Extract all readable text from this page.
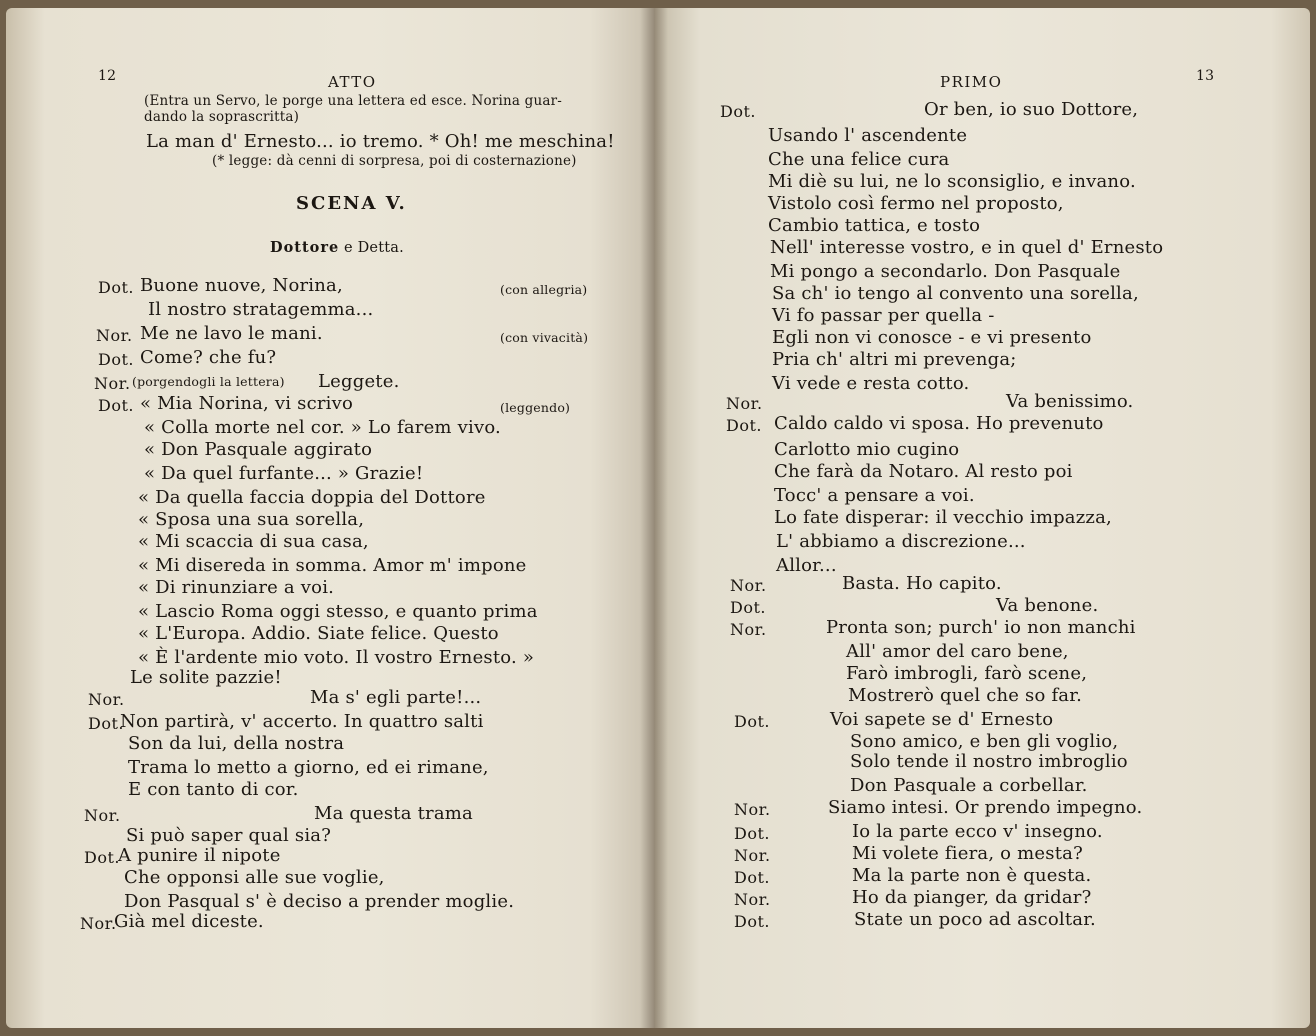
12	ATTO
(Entra un Servo, le porge una lettera ed esce. Norina guar-
dando la soprascritta)
La man d' Ernesto... io tremo. * Oh! me meschina!
(* legge: dà cenni di sorpresa, poi di costernazione)
SCENA V.
Dottore e Detta.
Dot. Buone nuove, Norina,	(con allegria)
Il nostro stratagemma...
Nor. Me ne lavo le mani.	(con vivacità)
Dot. Come? che fu?
Nor. (porgendogli la lettera) Leggete.
Dot. « Mia Norina, vi scrivo	(leggendo)
« Colla morte nel cor. » Lo farem vivo.
« Don Pasquale aggirato
« Da quel furfante... » Grazie!
« Da quella faccia doppia del Dottore
« Sposa una sua sorella,
« Mi scaccia di sua casa,
« Mi disereda in somma. Amor m' impone
« Di rinunziare a voi.
« Lascio Roma oggi stesso, e quanto prima
« L'Europa. Addio. Siate felice. Questo
« È l'ardente mio voto. Il vostro Ernesto. »
Le solite pazzie!
Nor.	Ma s' egli parte!...
Dot.
Non partirà, v' accerto. In quattro salti
Son da lui, della nostra
Trama lo metto a giorno, ed ei rimane,
E con tanto di cor.
Nor.	Ma questa trama
Si può saper qual sia?
Dot.
A punire il nipote
Che opponsi alle sue voglie,
Don Pasqual s' è deciso a prender moglie.
Nor.
Già mel diceste.
PRIMO	13
Dot.	Or ben, io suo Dottore,
Usando l' ascendente
Che una felice cura
Mi diè su lui, ne lo sconsiglio, e invano.
Vistolo così fermo nel proposto,
Cambio tattica, e tosto
Nell' interesse vostro, e in quel d' Ernesto
Mi pongo a secondarlo. Don Pasquale
Sa ch' io tengo al convento una sorella,
Vi fo passar per quella -
Egli non vi conosce - e vi presento
Pria ch' altri mi prevenga;
Vi vede e resta cotto.
Nor.	Va benissimo.
Dot. Caldo caldo vi sposa. Ho prevenuto
Carlotto mio cugino
Che farà da Notaro. Al resto poi
Tocc' a pensare a voi.
Lo fate disperar: il vecchio impazza,
L' abbiamo a discrezione...
Allor...
Nor.	Basta. Ho capito.
Dot.	Va benone.
Nor.	Pronta son; purch' io non manchi
All' amor del caro bene,
Farò imbrogli, farò scene,
Mostrerò quel che so far.
Dot.	Voi sapete se d' Ernesto
Sono amico, e ben gli voglio,
Solo tende il nostro imbroglio
Don Pasquale a corbellar.
Nor.	Siamo intesi. Or prendo impegno.
Dot.	Io la parte ecco v' insegno.
Nor.	Mi volete fiera, o mesta?
Dot.	Ma la parte non è questa.
Nor.	Ho da pianger, da gridar?
Dot.	State un poco ad ascoltar.
